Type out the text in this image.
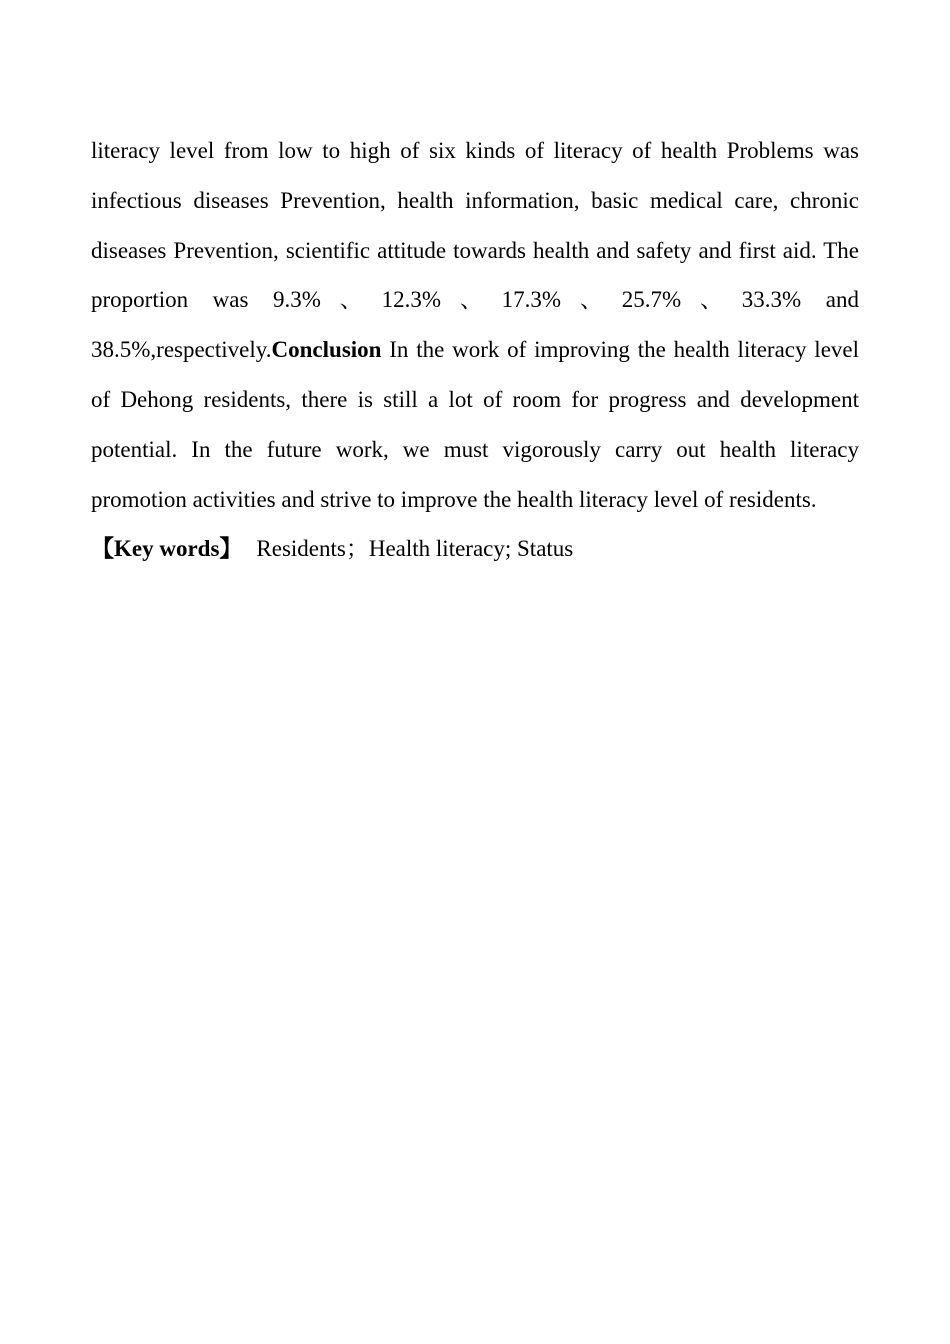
literacy level from low to high of six kinds of literacy of health Problems was infectious diseases Prevention, health information, basic medical care, chronic diseases Prevention, scientific attitude towards health and safety and first aid. The proportion was 9.3%、12.3%、17.3%、25.7%、33.3% and 38.5%,respectively.Conclusion In the work of improving the health literacy level of Dehong residents, there is still a lot of room for progress and development potential. In the future work, we must vigorously carry out health literacy promotion activities and strive to improve the health literacy level of residents.

【Key words】 Residents；Health literacy; Status
